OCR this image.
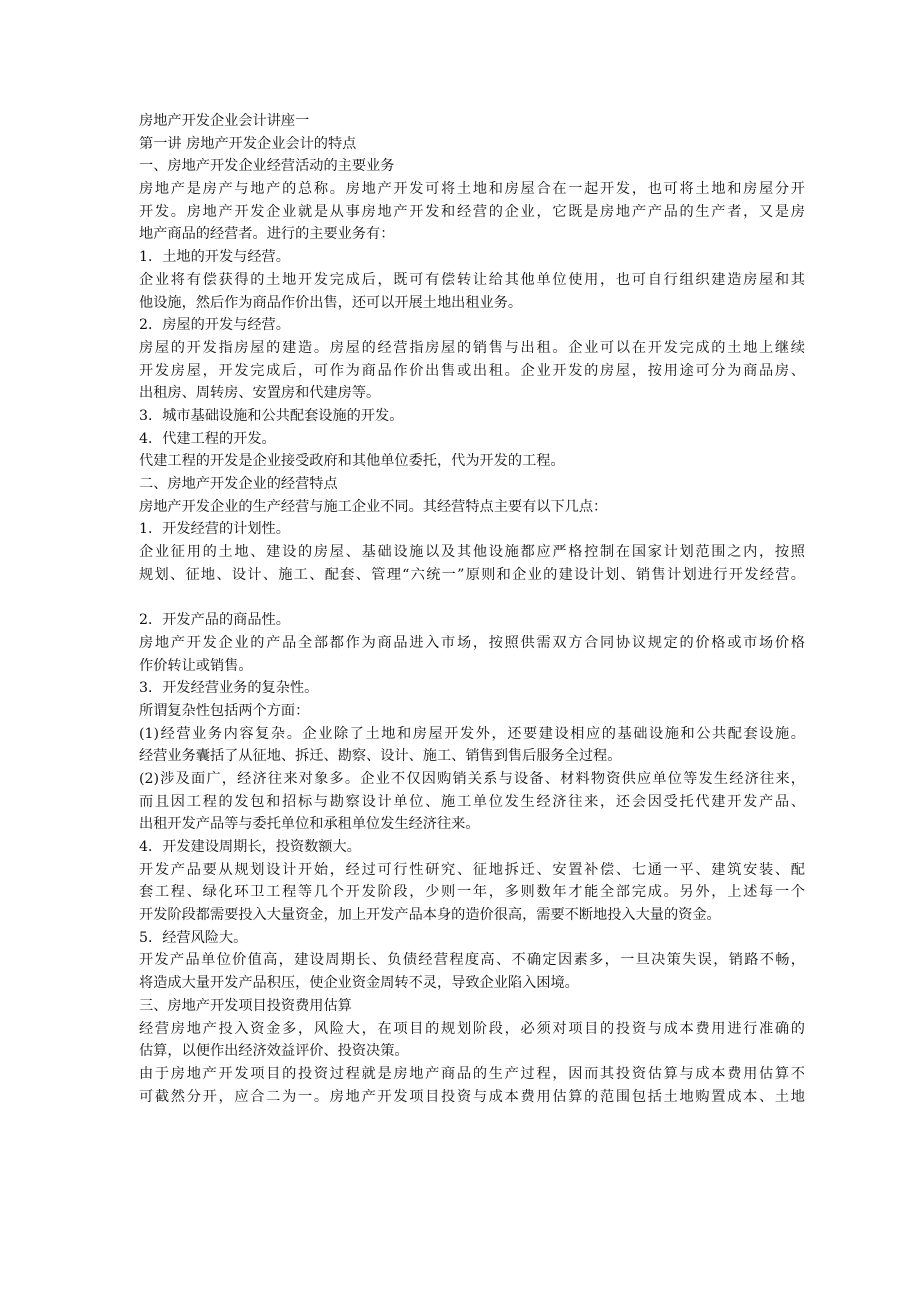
房地产开发企业会计讲座一
第一讲 房地产开发企业会计的特点
一、房地产开发企业经营活动的主要业务
房地产是房产与地产的总称。房地产开发可将土地和房屋合在一起开发，也可将土地和房屋分开
开发。房地产开发企业就是从事房地产开发和经营的企业，它既是房地产产品的生产者，又是房
地产商品的经营者。进行的主要业务有：
1．土地的开发与经营。
企业将有偿获得的土地开发完成后，既可有偿转让给其他单位使用，也可自行组织建造房屋和其
他设施，然后作为商品作价出售，还可以开展土地出租业务。
2．房屋的开发与经营。
房屋的开发指房屋的建造。房屋的经营指房屋的销售与出租。企业可以在开发完成的土地上继续
开发房屋，开发完成后，可作为商品作价出售或出租。企业开发的房屋，按用途可分为商品房、
出租房、周转房、安置房和代建房等。
3．城市基础设施和公共配套设施的开发。
4．代建工程的开发。
代建工程的开发是企业接受政府和其他单位委托，代为开发的工程。
二、房地产开发企业的经营特点
房地产开发企业的生产经营与施工企业不同。其经营特点主要有以下几点：
1．开发经营的计划性。
企业征用的土地、建设的房屋、基础设施以及其他设施都应严格控制在国家计划范围之内，按照
规划、征地、设计、施工、配套、管理“六统一”原则和企业的建设计划、销售计划进行开发经营。
2．开发产品的商品性。
房地产开发企业的产品全部都作为商品进入市场，按照供需双方合同协议规定的价格或市场价格
作价转让或销售。
3．开发经营业务的复杂性。
所谓复杂性包括两个方面：
(1)经营业务内容复杂。企业除了土地和房屋开发外，还要建设相应的基础设施和公共配套设施。
经营业务囊括了从征地、拆迁、勘察、设计、施工、销售到售后服务全过程。
(2)涉及面广，经济往来对象多。企业不仅因购销关系与设备、材料物资供应单位等发生经济往来，
而且因工程的发包和招标与勘察设计单位、施工单位发生经济往来，还会因受托代建开发产品、
出租开发产品等与委托单位和承租单位发生经济往来。
4．开发建设周期长，投资数额大。
开发产品要从规划设计开始，经过可行性研究、征地拆迁、安置补偿、七通一平、建筑安装、配
套工程、绿化环卫工程等几个开发阶段，少则一年，多则数年才能全部完成。另外，上述每一个
开发阶段都需要投入大量资金，加上开发产品本身的造价很高，需要不断地投入大量的资金。
5．经营风险大。
开发产品单位价值高，建设周期长、负债经营程度高、不确定因素多，一旦决策失误，销路不畅，
将造成大量开发产品积压，使企业资金周转不灵，导致企业陷入困境。
三、房地产开发项目投资费用估算
经营房地产投入资金多，风险大，在项目的规划阶段，必须对项目的投资与成本费用进行准确的
估算，以便作出经济效益评价、投资决策。
由于房地产开发项目的投资过程就是房地产商品的生产过程，因而其投资估算与成本费用估算不
可截然分开，应合二为一。房地产开发项目投资与成本费用估算的范围包括土地购置成本、土地
